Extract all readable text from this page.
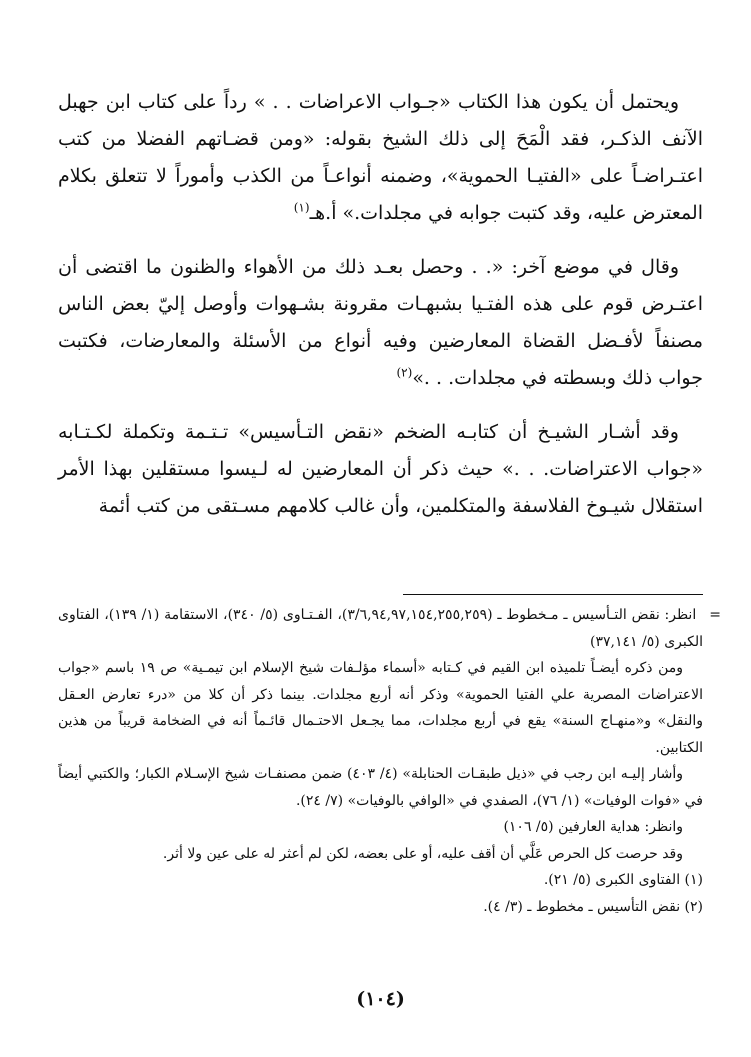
ويحتمل أن يكون هذا الكتاب «جـواب الاعراضات . . » رداً على كتاب ابن جهبل الآنف الذكـر، فقد الْمَحَ إلى ذلك الشيخ بقوله: «ومن قضـاتهم الفضلا من كتب اعتـراضـاً على «الفتيـا الحموية»، وضمنه أنواعـاً من الكذب وأموراً لا تتعلق بكلام المعترض عليه، وقد كتبت جوابه في مجلدات.» أ.هـ$^{(١)}$

وقال في موضع آخر: «. . وحصل بعـد ذلك من الأهواء والظنون ما اقتضى أن اعتـرض قوم على هذه الفتـيا بشبهـات مقرونة بشـهوات وأوصل إليّ بعض الناس مصنفاً لأفـضل القضاة المعارضين وفيه أنواع من الأسئلة والمعارضات، فكتبت جواب ذلك وبسطته في مجلدات. . .»$^{(٢)}$

وقد أشـار الشيـخ أن كتابـه الضخم «نقض التـأسيس» تـتـمة وتكملة لكـتـابه «جواب الاعتراضات. . .» حيث ذكر أن المعارضين له لـيسوا مستقلين بهذا الأمر استقلال شيـوخ الفلاسفة والمتكلمين، وأن غالب كلامهم مسـتقى من كتب أئمة

= انظر: نقض التـأسيس ـ مـخطوط ـ (٣/٦,٩٤,٩٧,١٥٤,٢٥٥,٢٥٩)، الفـتـاوى (٥/ ٣٤٠)، الاستقامة (١/ ١٣٩)، الفتاوى الكبرى (٥/ ٣٧,١٤١)

ومن ذكره أيضـاً تلميذه ابن القيم في كـتابه «أسماء مؤلـفات شيخ الإسلام ابن تيمـية» ص ١٩ باسم «جواب الاعتراضات المصرية علي الفتيا الحموية» وذكر أنه أربع مجلدات. بينما ذكر أن كلا من «درء تعارض العـقل والنقل» و«منهـاج السنة» يقع في أربع مجلدات، مما يجـعل الاحتـمال قائـماً أنه في الضخامة قريباً من هذين الكتابين.

وأشار إليـه ابن رجب في «ذيل طبقـات الحنابلة» (٤/ ٤٠٣) ضمن مصنفـات شيخ الإسـلام الكبار؛ والكتبي أيضاً في «فوات الوفيات» (١/ ٧٦)، الصفدي في «الوافي بالوفيات» (٧/ ٢٤).

وانظر: هداية العارفين (٥/ ١٠٦)

وقد حرصت كل الحرص عَلَّي أن أقف عليه، أو على بعضه، لكن لم أعثر له على عين ولا أثر.

(١) الفتاوى الكبرى (٥/ ٢١).

(٢) نقض التأسيس ـ مخطوط ـ (٣/ ٤).

(١٠٤)
